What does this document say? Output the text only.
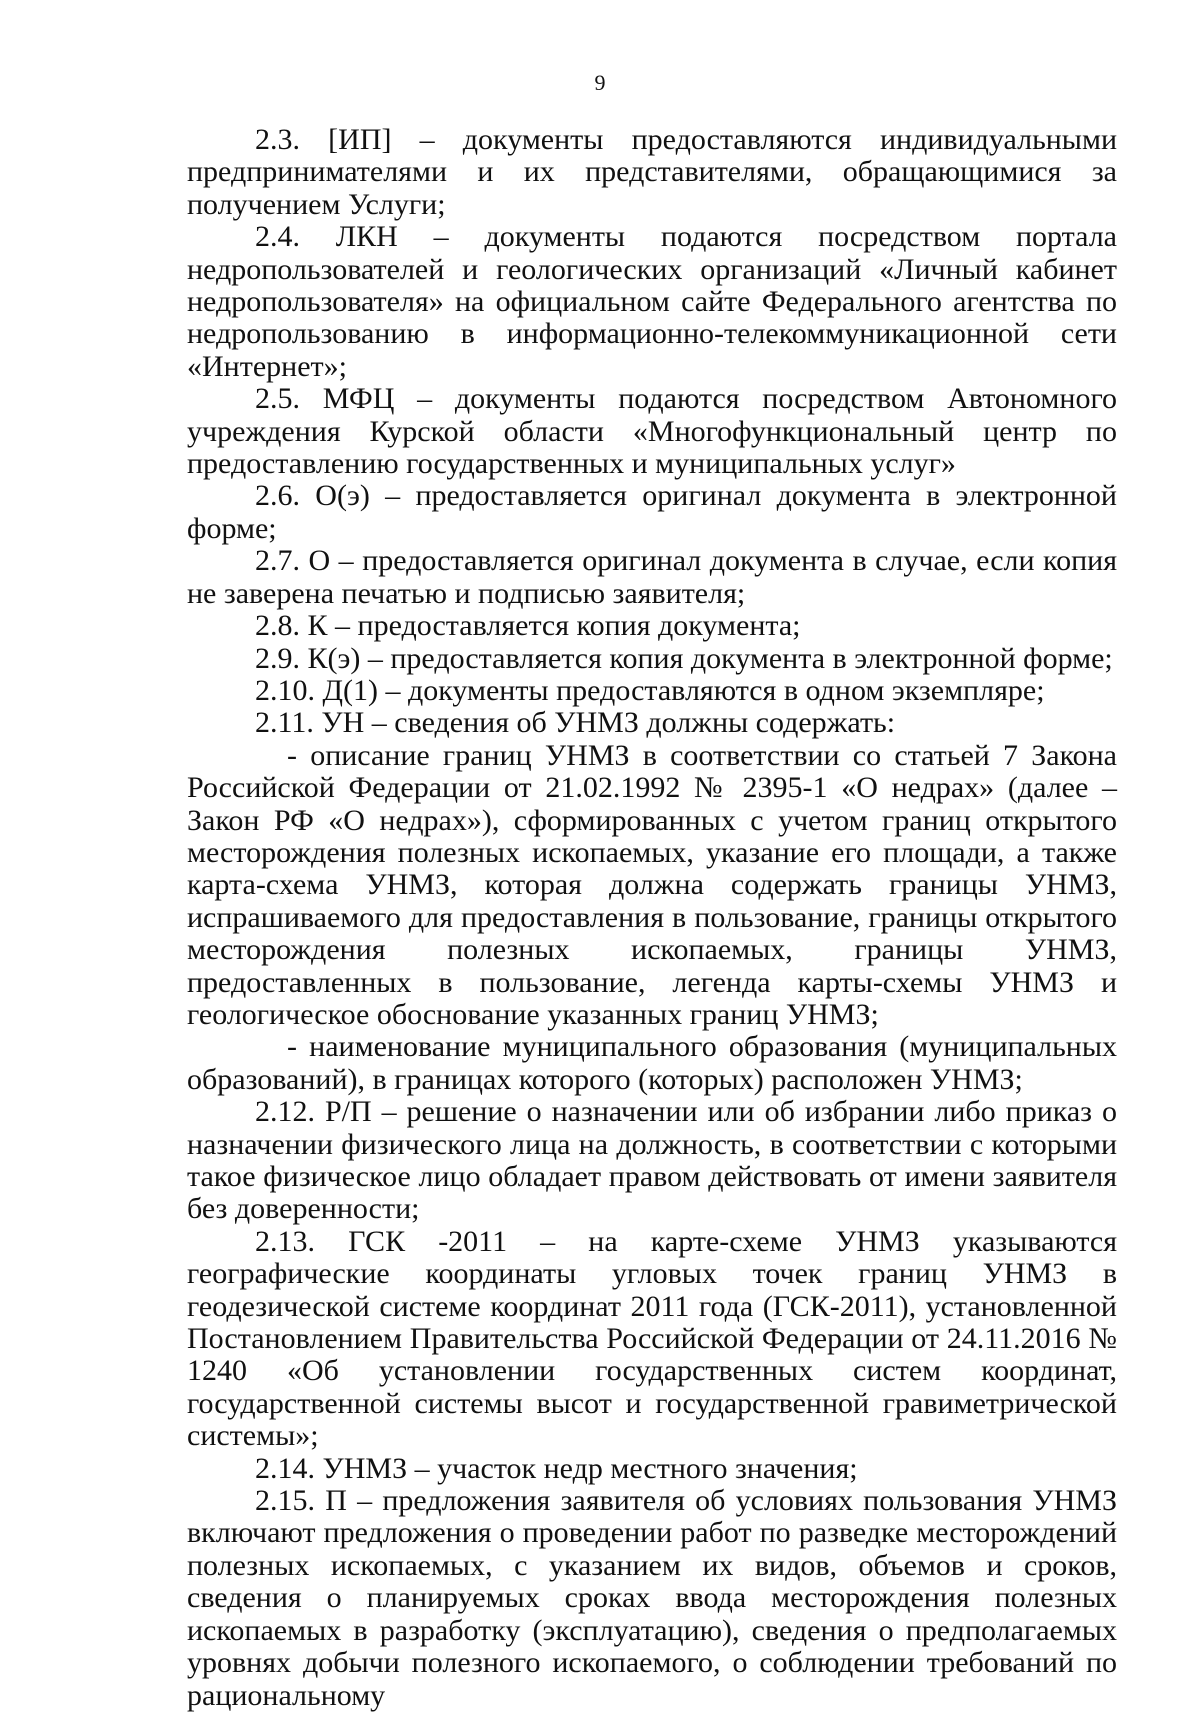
9

2.3. [ИП] – документы предоставляются индивидуальными предпринимателями и их представителями, обращающимися за получением Услуги;

2.4. ЛКН – документы подаются посредством портала недропользователей и геологических организаций «Личный кабинет недропользователя» на официальном сайте Федерального агентства по недропользованию в информационно-телекоммуникационной сети «Интернет»;

2.5. МФЦ – документы подаются посредством Автономного учреждения Курской области «Многофункциональный центр по предоставлению государственных и муниципальных услуг»

2.6. О(э) – предоставляется оригинал документа в электронной форме;

2.7. О – предоставляется оригинал документа в случае, если копия не заверена печатью и подписью заявителя;

2.8. К – предоставляется копия документа;

2.9. К(э) – предоставляется копия документа в электронной форме;

2.10. Д(1) – документы предоставляются в одном экземпляре;

2.11. УН – сведения об УНМЗ должны содержать:

- описание границ УНМЗ в соответствии со статьей 7 Закона Российской Федерации от 21.02.1992 № 2395-1 «О недрах» (далее – Закон РФ «О недрах»), сформированных с учетом границ открытого месторождения полезных ископаемых, указание его площади, а также карта-схема УНМЗ, которая должна содержать границы УНМЗ, испрашиваемого для предоставления в пользование, границы открытого месторождения полезных ископаемых, границы УНМЗ, предоставленных в пользование, легенда карты-схемы УНМЗ и геологическое обоснование указанных границ УНМЗ;

- наименование муниципального образования (муниципальных образований), в границах которого (которых) расположен УНМЗ;

2.12. Р/П – решение о назначении или об избрании либо приказ о назначении физического лица на должность, в соответствии с которыми такое физическое лицо обладает правом действовать от имени заявителя без доверенности;

2.13. ГСК -2011 – на карте-схеме УНМЗ указываются географические координаты угловых точек границ УНМЗ в геодезической системе координат 2011 года (ГСК-2011), установленной Постановлением Правительства Российской Федерации от 24.11.2016 № 1240 «Об установлении государственных систем координат, государственной системы высот и государственной гравиметрической системы»;

2.14. УНМЗ – участок недр местного значения;

2.15. П – предложения заявителя об условиях пользования УНМЗ включают предложения о проведении работ по разведке месторождений полезных ископаемых, с указанием их видов, объемов и сроков, сведения о планируемых сроках ввода месторождения полезных ископаемых в разработку (эксплуатацию), сведения о предполагаемых уровнях добычи полезного ископаемого, о соблюдении требований по рациональному
